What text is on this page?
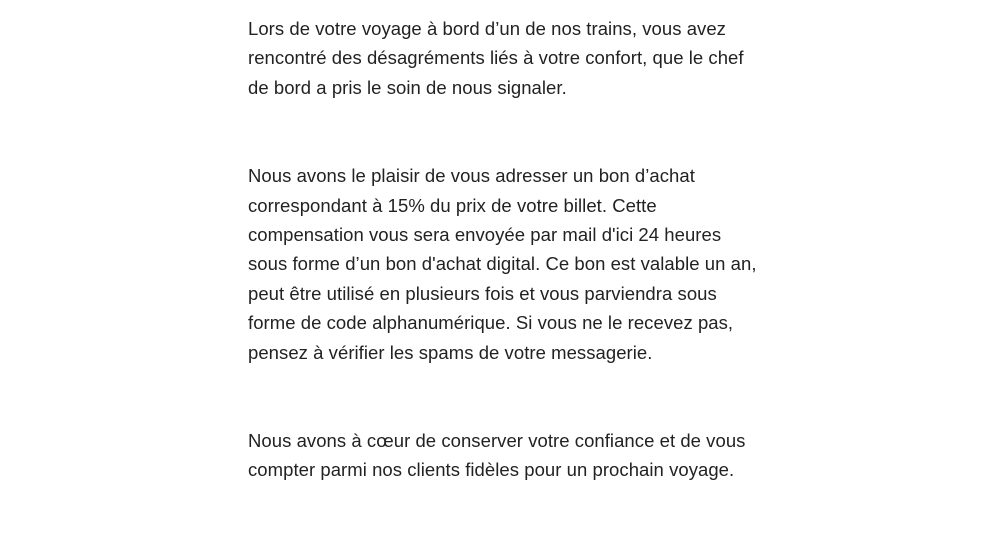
Lors de votre voyage à bord d’un de nos trains, vous avez rencontré des désagréments liés à votre confort, que le chef de bord a pris le soin de nous signaler.

Nous avons le plaisir de vous adresser un bon d’achat correspondant à 15% du prix de votre billet. Cette compensation vous sera envoyée par mail d'ici 24 heures sous forme d’un bon d'achat digital. Ce bon est valable un an, peut être utilisé en plusieurs fois et vous parviendra sous forme de code alphanumérique. Si vous ne le recevez pas, pensez à vérifier les spams de votre messagerie.

Nous avons à cœur de conserver votre confiance et de vous compter parmi nos clients fidèles pour un prochain voyage.
